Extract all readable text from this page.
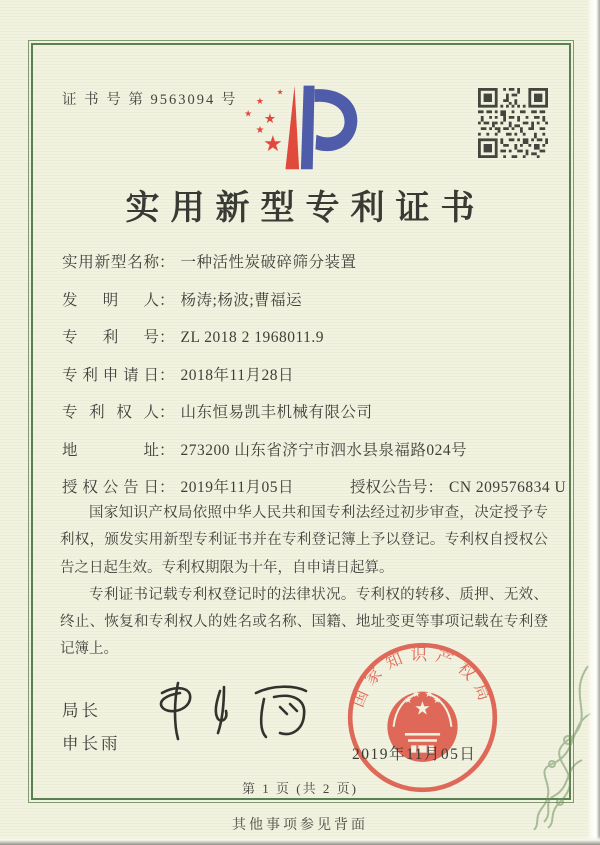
证 书 号 第 9563094 号
★
★
★
★
★
★
实用新型专利证书
实用新型名称： 一种活性炭破碎筛分装置
发明人： 杨涛;杨波;曹福运
专利号： ZL 2018 2 1968011.9
专利申请日： 2018年11月28日
专利权人： 山东恒易凯丰机械有限公司
地址： 273200 山东省济宁市泗水县泉福路024号
授权公告日： 2019年11月05日	授权公告号： CN 209576834 U

国家知识产权局依照中华人民共和国专利法经过初步审查，决定授予专利权，颁发实用新型专利证书并在专利登记簿上予以登记。专利权自授权公告之日起生效。专利权期限为十年，自申请日起算。

专利证书记载专利权登记时的法律状况。专利权的转移、质押、无效、终止、恢复和专利权人的姓名或名称、国籍、地址变更等事项记载在专利登记簿上。

局长
申长雨
★
★
★ ★
★
国家知识产权局
2019年11月05日
第 1 页 (共 2 页)
其他事项参见背面
